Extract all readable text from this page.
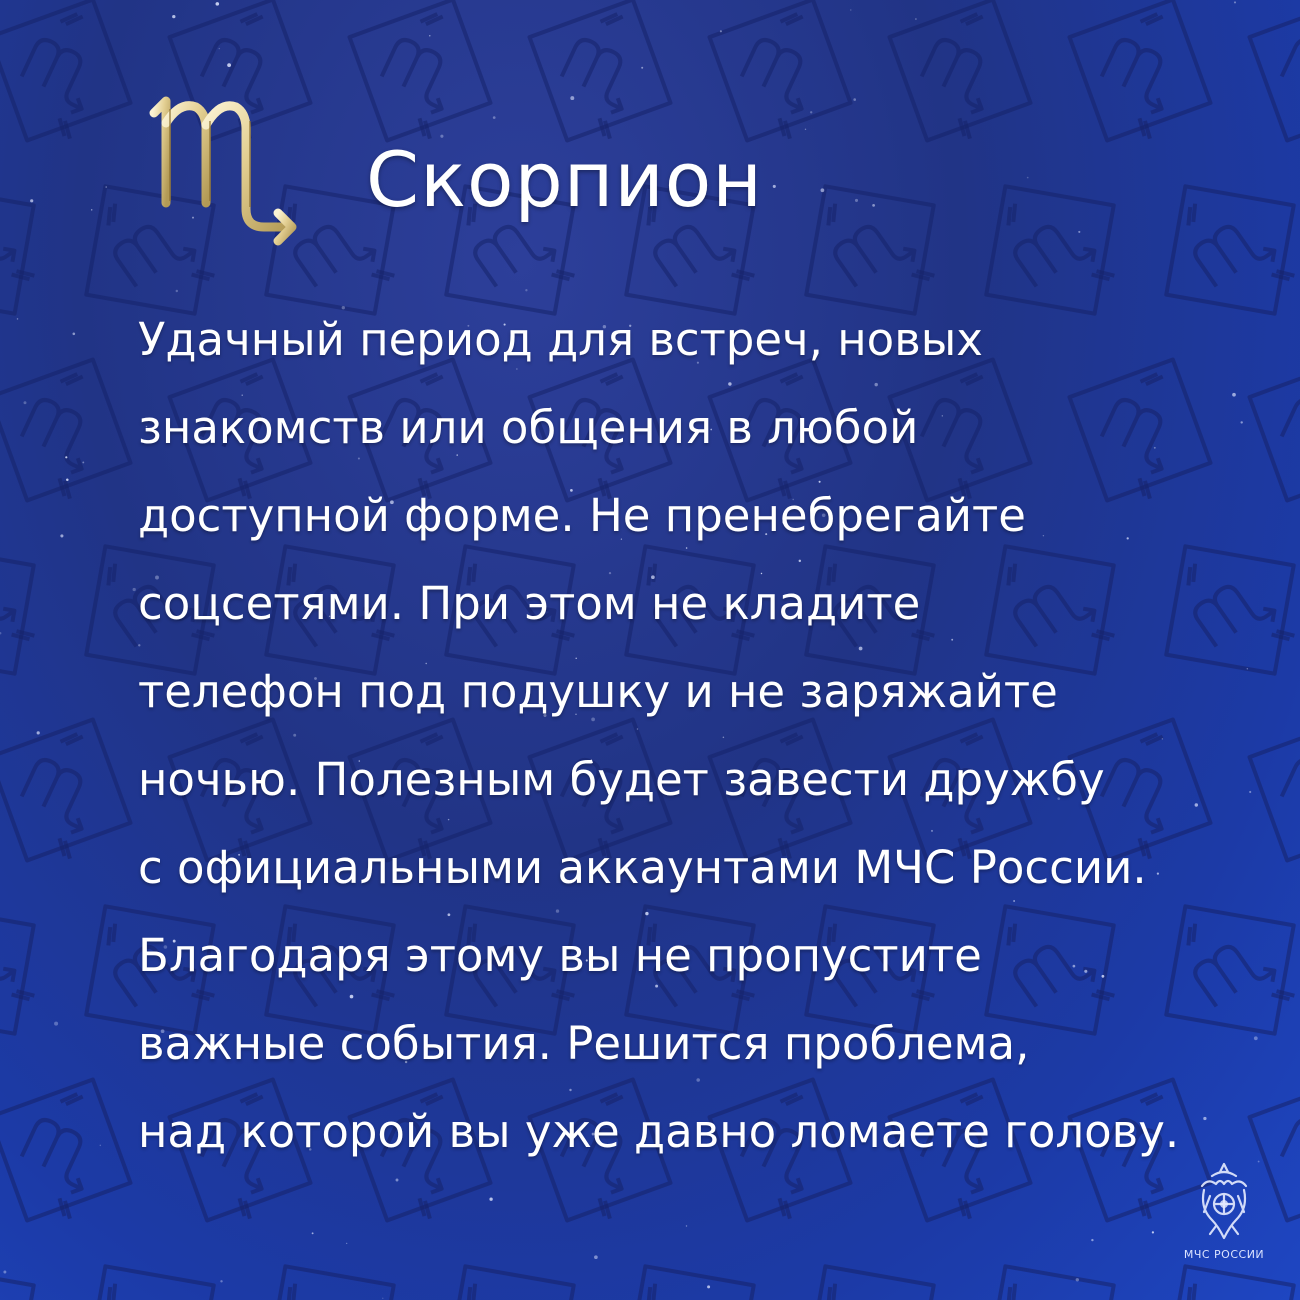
Скорпион
Удачный период для встреч, новых
знакомств или общения в любой
доступной форме. Не пренебрегайте
соцсетями. При этом не кладите
телефон под подушку и не заряжайте
ночью. Полезным будет завести дружбу
с официальными аккаунтами МЧС России.
Благодаря этому вы не пропустите
важные события. Решится проблема,
над которой вы уже давно ломаете голову.
МЧС РОССИИ
